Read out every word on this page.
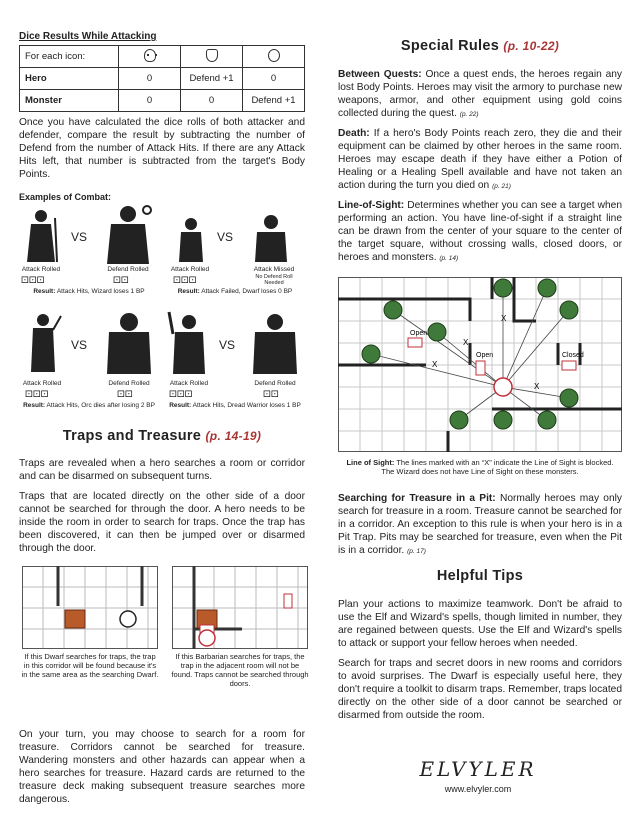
Dice Results While Attacking
For each icon:			
Hero	0	Defend +1	0
Monster	0	0	Defend +1

Once you have calculated the dice rolls of both attacker and defender, compare the result by subtracting the number of Defend from the number of Attack Hits. If there are any Attack Hits left, that number is subtracted from the target's Body Points.

Examples of Combat:
VS
Attack Rolled	Defend Rolled
⚀⚀⚀	⚀⚀
Result: Attack Hits, Wizard loses 1 BP
VS
Attack Rolled	Attack Missed
No Defend Roll Needed
⚀⚀⚀
Result: Attack Failed, Dwarf loses 0 BP
VS
Attack Rolled	Defend Rolled
⚀⚀⚀	⚀⚀
Result: Attack Hits, Orc dies after losing 2 BP
VS
Attack Rolled	Defend Rolled
⚀⚀⚀	⚀⚀
Result: Attack Hits, Dread Warrior loses 1 BP
Traps and Treasure (p. 14-19)

Traps are revealed when a hero searches a room or corridor and can be disarmed on subsequent turns.

Traps that are located directly on the other side of a door cannot be searched for through the door. A hero needs to be inside the room in order to search for traps. Once the trap has been discovered, it can then be jumped over or disarmed through the door.

If this Dwarf searches for traps, the trap in this corridor will be found because it's in the same area as the searching Dwarf.
If this Barbarian searches for traps, the trap in the adjacent room will not be found. Traps cannot be searched through doors.

On your turn, you may choose to search for a room for treasure. Corridors cannot be searched for treasure. Wandering monsters and other hazards can appear when a hero searches for treasure. Hazard cards are returned to the treasure deck making subsequent treasure searches more dangerous.

Special Rules (p. 10-22)

Between Quests: Once a quest ends, the heroes regain any lost Body Points. Heroes may visit the armory to purchase new weapons, armor, and other equipment using gold coins collected during the quest. (p. 22)

Death: If a hero's Body Points reach zero, they die and their equipment can be claimed by other heroes in the same room. Heroes may escape death if they have either a Potion of Healing or a Healing Spell available and have not taken an action during the turn you died on (p. 21)

Line-of-Sight: Determines whether you can see a target when performing an action. You have line-of-sight if a straight line can be drawn from the center of your square to the center of the target square, without crossing walls, closed doors, or heroes and monsters. (p. 14)

Open
Open	Closed
X
X
X
X
Line of Sight: The lines marked with an “X” indicate the Line of Sight is blocked. The Wizard does not have Line of Sight on these monsters.

Searching for Treasure in a Pit: Normally heroes may only search for treasure in a room. Treasure cannot be searched for in a corridor. An exception to this rule is when your hero is in a Pit Trap. Pits may be searched for treasure, even when the Pit is in a corridor. (p. 17)

Helpful Tips

Plan your actions to maximize teamwork. Don't be afraid to use the Elf and Wizard's spells, though limited in number, they are regained between quests. Use the Elf and Wizard's spells to attack or support your fellow heroes when needed.

Search for traps and secret doors in new rooms and corridors to avoid surprises. The Dwarf is especially useful here, they don't require a toolkit to disarm traps. Remember, traps located directly on the other side of a door cannot be searched or disarmed from outside the room.

ELVYLER
www.elvyler.com
